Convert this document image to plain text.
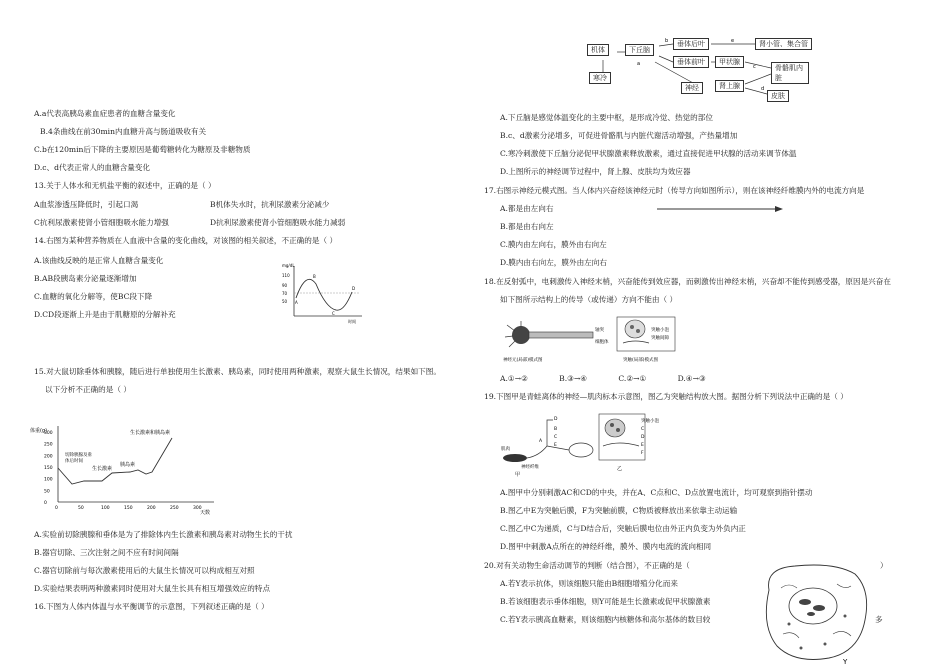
A.a代表高胰岛素血症患者的血糖含量变化
B.4条曲线在前30min内血糖升高与肠道吸收有关
C.b在120min后下降的主要原因是葡萄糖转化为糖原及非糖物质
D.c、d代表正常人的血糖含量变化
13.关于人体水和无机盐平衡的叙述中，正确的是（ ）
A血浆渗透压降低时，引起口渴	B机体失水时，抗利尿激素分泌减少
C抗利尿激素使肾小管细胞吸水能力增强	D抗利尿激素使肾小管细胞吸水能力减弱
14.右图为某种营养物质在人血液中含量的变化曲线，对该图的相关叙述，不正确的是（ ）
A.该曲线反映的是正常人血糖含量变化
B.AB段胰岛素分泌量逐渐增加
C.血糖的氧化分解等，使BC段下降
D.CD段逐渐上升是由于肌糖原的分解补充
mg/dL
110
90
70
50 A
B
C
D
时间
15.对大鼠切除垂体和胰腺，随后进行单独使用生长激素、胰岛素，同时使用两种激素，观察大鼠生长情况，结果如下图。
以下分析不正确的是（ ）
体重(g)
300
250
200
150
100
50
0
0	50	100	150	200	250	300
天数
切除胰腺及垂
体后时间
生长激素
胰岛素
生长激素和胰岛素
A.实验前切除胰腺和垂体是为了排除体内生长激素和胰岛素对动物生长的干扰
B.器官切除、三次注射之间不应有时间间隔
C.器官切除前与每次激素使用后的大鼠生长情况可以构成相互对照
D.实验结果表明两种激素同时使用对大鼠生长具有相互增强效应的特点
16.下图为人体内体温与水平衡调节的示意图，下列叙述正确的是（ ）
e
b
a	c
d
机体	下丘脑
寒冷
垂体后叶
垂体前叶	甲状腺
神经	肾上腺
肾小管、集合管
骨骼肌内脏
皮肤
A.下丘脑是感觉体温变化的主要中枢，是形成冷觉、热觉的部位
B.c、d激素分泌增多，可促进骨骼肌与内脏代谢活动增强，产热量增加
C.寒冷刺激使下丘脑分泌促甲状腺激素释放激素，通过直接促进甲状腺的活动来调节体温
D.上图所示的神经调节过程中，肾上腺、皮肤均为效应器
17.右图示神经元模式图。当人体内兴奋经该神经元时（传导方向如图所示），则在该神经纤维膜内外的电流方向是
A.都是由左向右
B.都是由右向左
C.膜内由左向右，膜外由右向左
D.膜内由右向左，膜外由左向右
18.在反射弧中，电刺激传入神经末梢，兴奋能传到效应器，而刺激传出神经末梢，兴奋却不能传到感受器，原因是兴奋在
如下图所示结构上的传导（或传递）方向不能由（ ）
轴突
细胞体
神经元(局部)模式图
突触小泡
突触间隙
突触(局部)模式图
A.①→②	B.③→④	C.②→①	D.④→③
19.下图甲是青蛙离体的神经—肌肉标本示意图，图乙为突触结构放大图。据图分析下列说法中正确的是（ ）
D
B
C
E
A
肌肉
神经纤维
甲
突触小泡
C
D
E
F
乙
A.图甲中分别刺激AC和CD的中央，并在A、C点和C、D点放置电流计，均可观察到指针摆动
B.图乙中E为突触后膜，F为突触前膜，C物质被释放出来依靠主动运输
C.图乙中C为递质，C与D结合后，突触后膜电位由外正内负变为外负内正
D.图甲中刺激A点所在的神经纤维，膜外、膜内电流的流向相同
20.对有关动物生命活动调节的判断（结合图），不正确的是（	）
A.若Y表示抗体，则该细胞只能由B细胞增殖分化而来
B.若该细胞表示垂体细胞，则Y可能是生长激素或促甲状腺激素
C.若Y表示胰高血糖素，则该细胞内核糖体和高尔基体的数目较	多
Y
